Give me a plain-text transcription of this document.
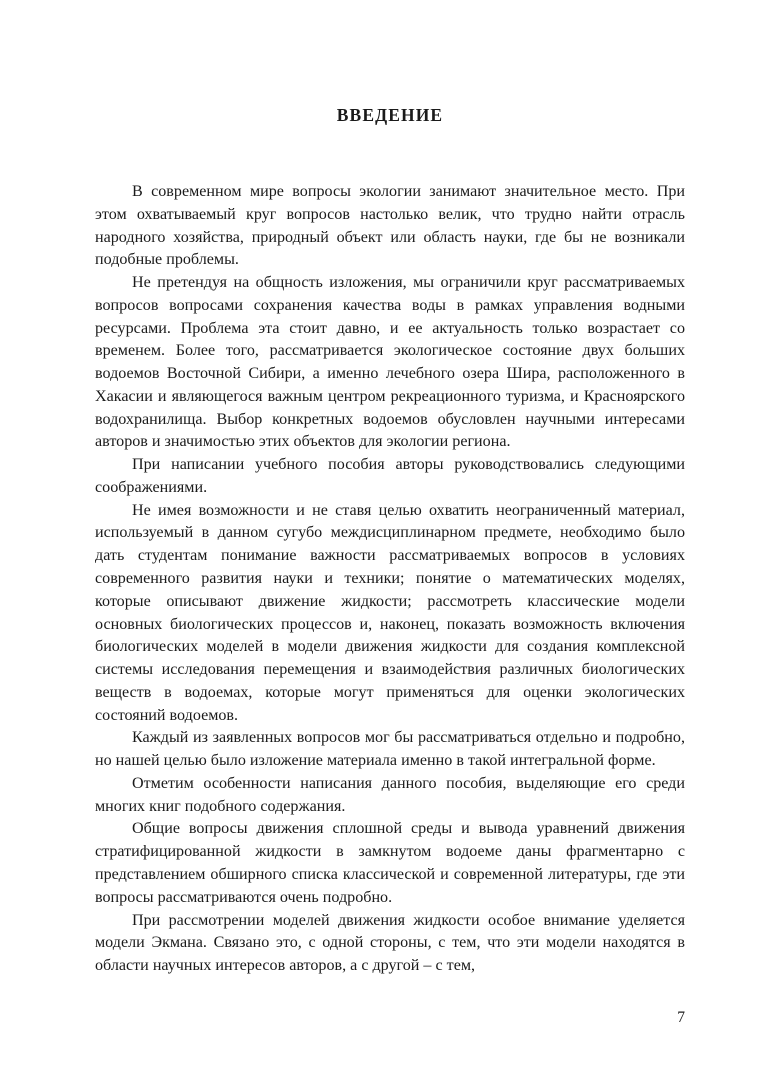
ВВЕДЕНИЕ

В современном мире вопросы экологии занимают значительное место. При этом охватываемый круг вопросов настолько велик, что трудно найти отрасль народного хозяйства, природный объект или область науки, где бы не возникали подобные проблемы.

Не претендуя на общность изложения, мы ограничили круг рассматриваемых вопросов вопросами сохранения качества воды в рамках управления водными ресурсами. Проблема эта стоит давно, и ее актуальность только возрастает со временем. Более того, рассматривается экологическое состояние двух больших водоемов Восточной Сибири, а именно лечебного озера Шира, расположенного в Хакасии и являющегося важным центром рекреационного туризма, и Красноярского водохранилища. Выбор конкретных водоемов обусловлен научными интересами авторов и значимостью этих объектов для экологии региона.

При написании учебного пособия авторы руководствовались следующими соображениями.

Не имея возможности и не ставя целью охватить неограниченный материал, используемый в данном сугубо междисциплинарном предмете, необходимо было дать студентам понимание важности рассматриваемых вопросов в условиях современного развития науки и техники; понятие о математических моделях, которые описывают движение жидкости; рассмотреть классические модели основных биологических процессов и, наконец, показать возможность включения биологических моделей в модели движения жидкости для создания комплексной системы исследования перемещения и взаимодействия различных биологических веществ в водоемах, которые могут применяться для оценки экологических состояний водоемов.

Каждый из заявленных вопросов мог бы рассматриваться отдельно и подробно, но нашей целью было изложение материала именно в такой интегральной форме.

Отметим особенности написания данного пособия, выделяющие его среди многих книг подобного содержания.

Общие вопросы движения сплошной среды и вывода уравнений движения стратифицированной жидкости в замкнутом водоеме даны фрагментарно с представлением обширного списка классической и современной литературы, где эти вопросы рассматриваются очень подробно.

При рассмотрении моделей движения жидкости особое внимание уделяется модели Экмана. Связано это, с одной стороны, с тем, что эти модели находятся в области научных интересов авторов, а с другой – с тем,

7
